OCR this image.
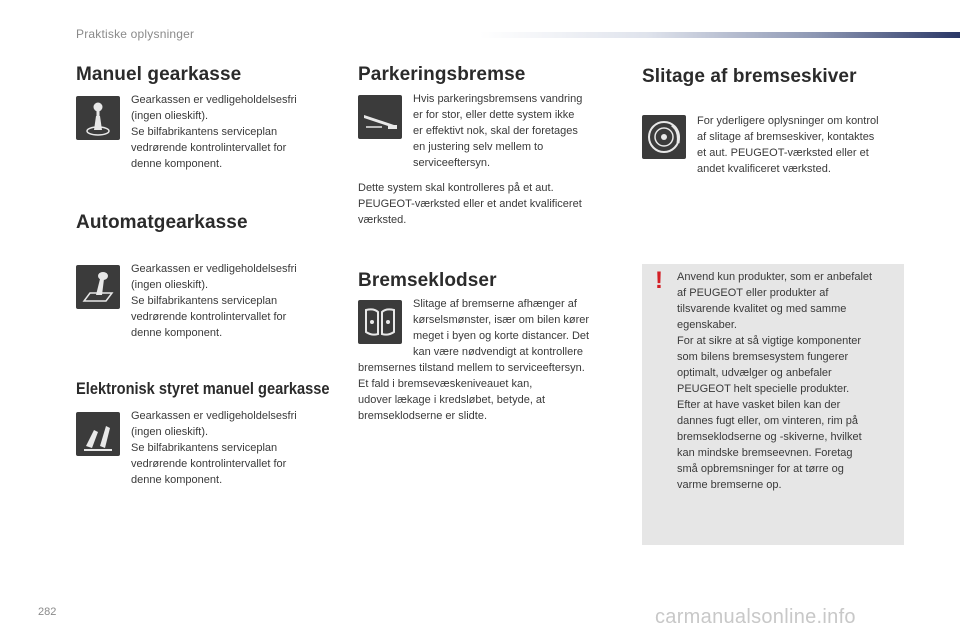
Praktiske oplysninger
Manuel gearkasse
Gearkassen er vedligeholdelsesfri
(ingen olieskift).
Se bilfabrikantens serviceplan
vedrørende kontrolintervallet for
denne komponent.
Automatgearkasse
Gearkassen er vedligeholdelsesfri
(ingen olieskift).
Se bilfabrikantens serviceplan
vedrørende kontrolintervallet for
denne komponent.
Elektronisk styret manuel gearkasse
Gearkassen er vedligeholdelsesfri
(ingen olieskift).
Se bilfabrikantens serviceplan
vedrørende kontrolintervallet for
denne komponent.
Parkeringsbremse
Hvis parkeringsbremsens vandring
er for stor, eller dette system ikke
er effektivt nok, skal der foretages
en justering selv mellem to
serviceeftersyn.
Dette system skal kontrolleres på et aut.
PEUGEOT-værksted eller et andet kvalificeret
værksted.
Bremseklodser
Slitage af bremserne afhænger af
kørselsmønster, især om bilen kører
meget i byen og korte distancer. Det
kan være nødvendigt at kontrollere
bremsernes tilstand mellem to serviceeftersyn.
Et fald i bremsevæskeniveauet kan,
udover lækage i kredsløbet, betyde, at
bremseklodserne er slidte.
Slitage af bremseskiver
For yderligere oplysninger om kontrol
af slitage af bremseskiver, kontaktes
et aut. PEUGEOT-værksted eller et
andet kvalificeret værksted.
! Anvend kun produkter, som er anbefalet
af PEUGEOT eller produkter af
tilsvarende kvalitet og med samme
egenskaber.
For at sikre at så vigtige komponenter
som bilens bremsesystem fungerer
optimalt, udvælger og anbefaler
PEUGEOT helt specielle produkter.
Efter at have vasket bilen kan der
dannes fugt eller, om vinteren, rim på
bremseklodserne og -skiverne, hvilket
kan mindske bremseevnen. Foretag
små opbremsninger for at tørre og
varme bremserne op.
282	carmanualsonline.info
